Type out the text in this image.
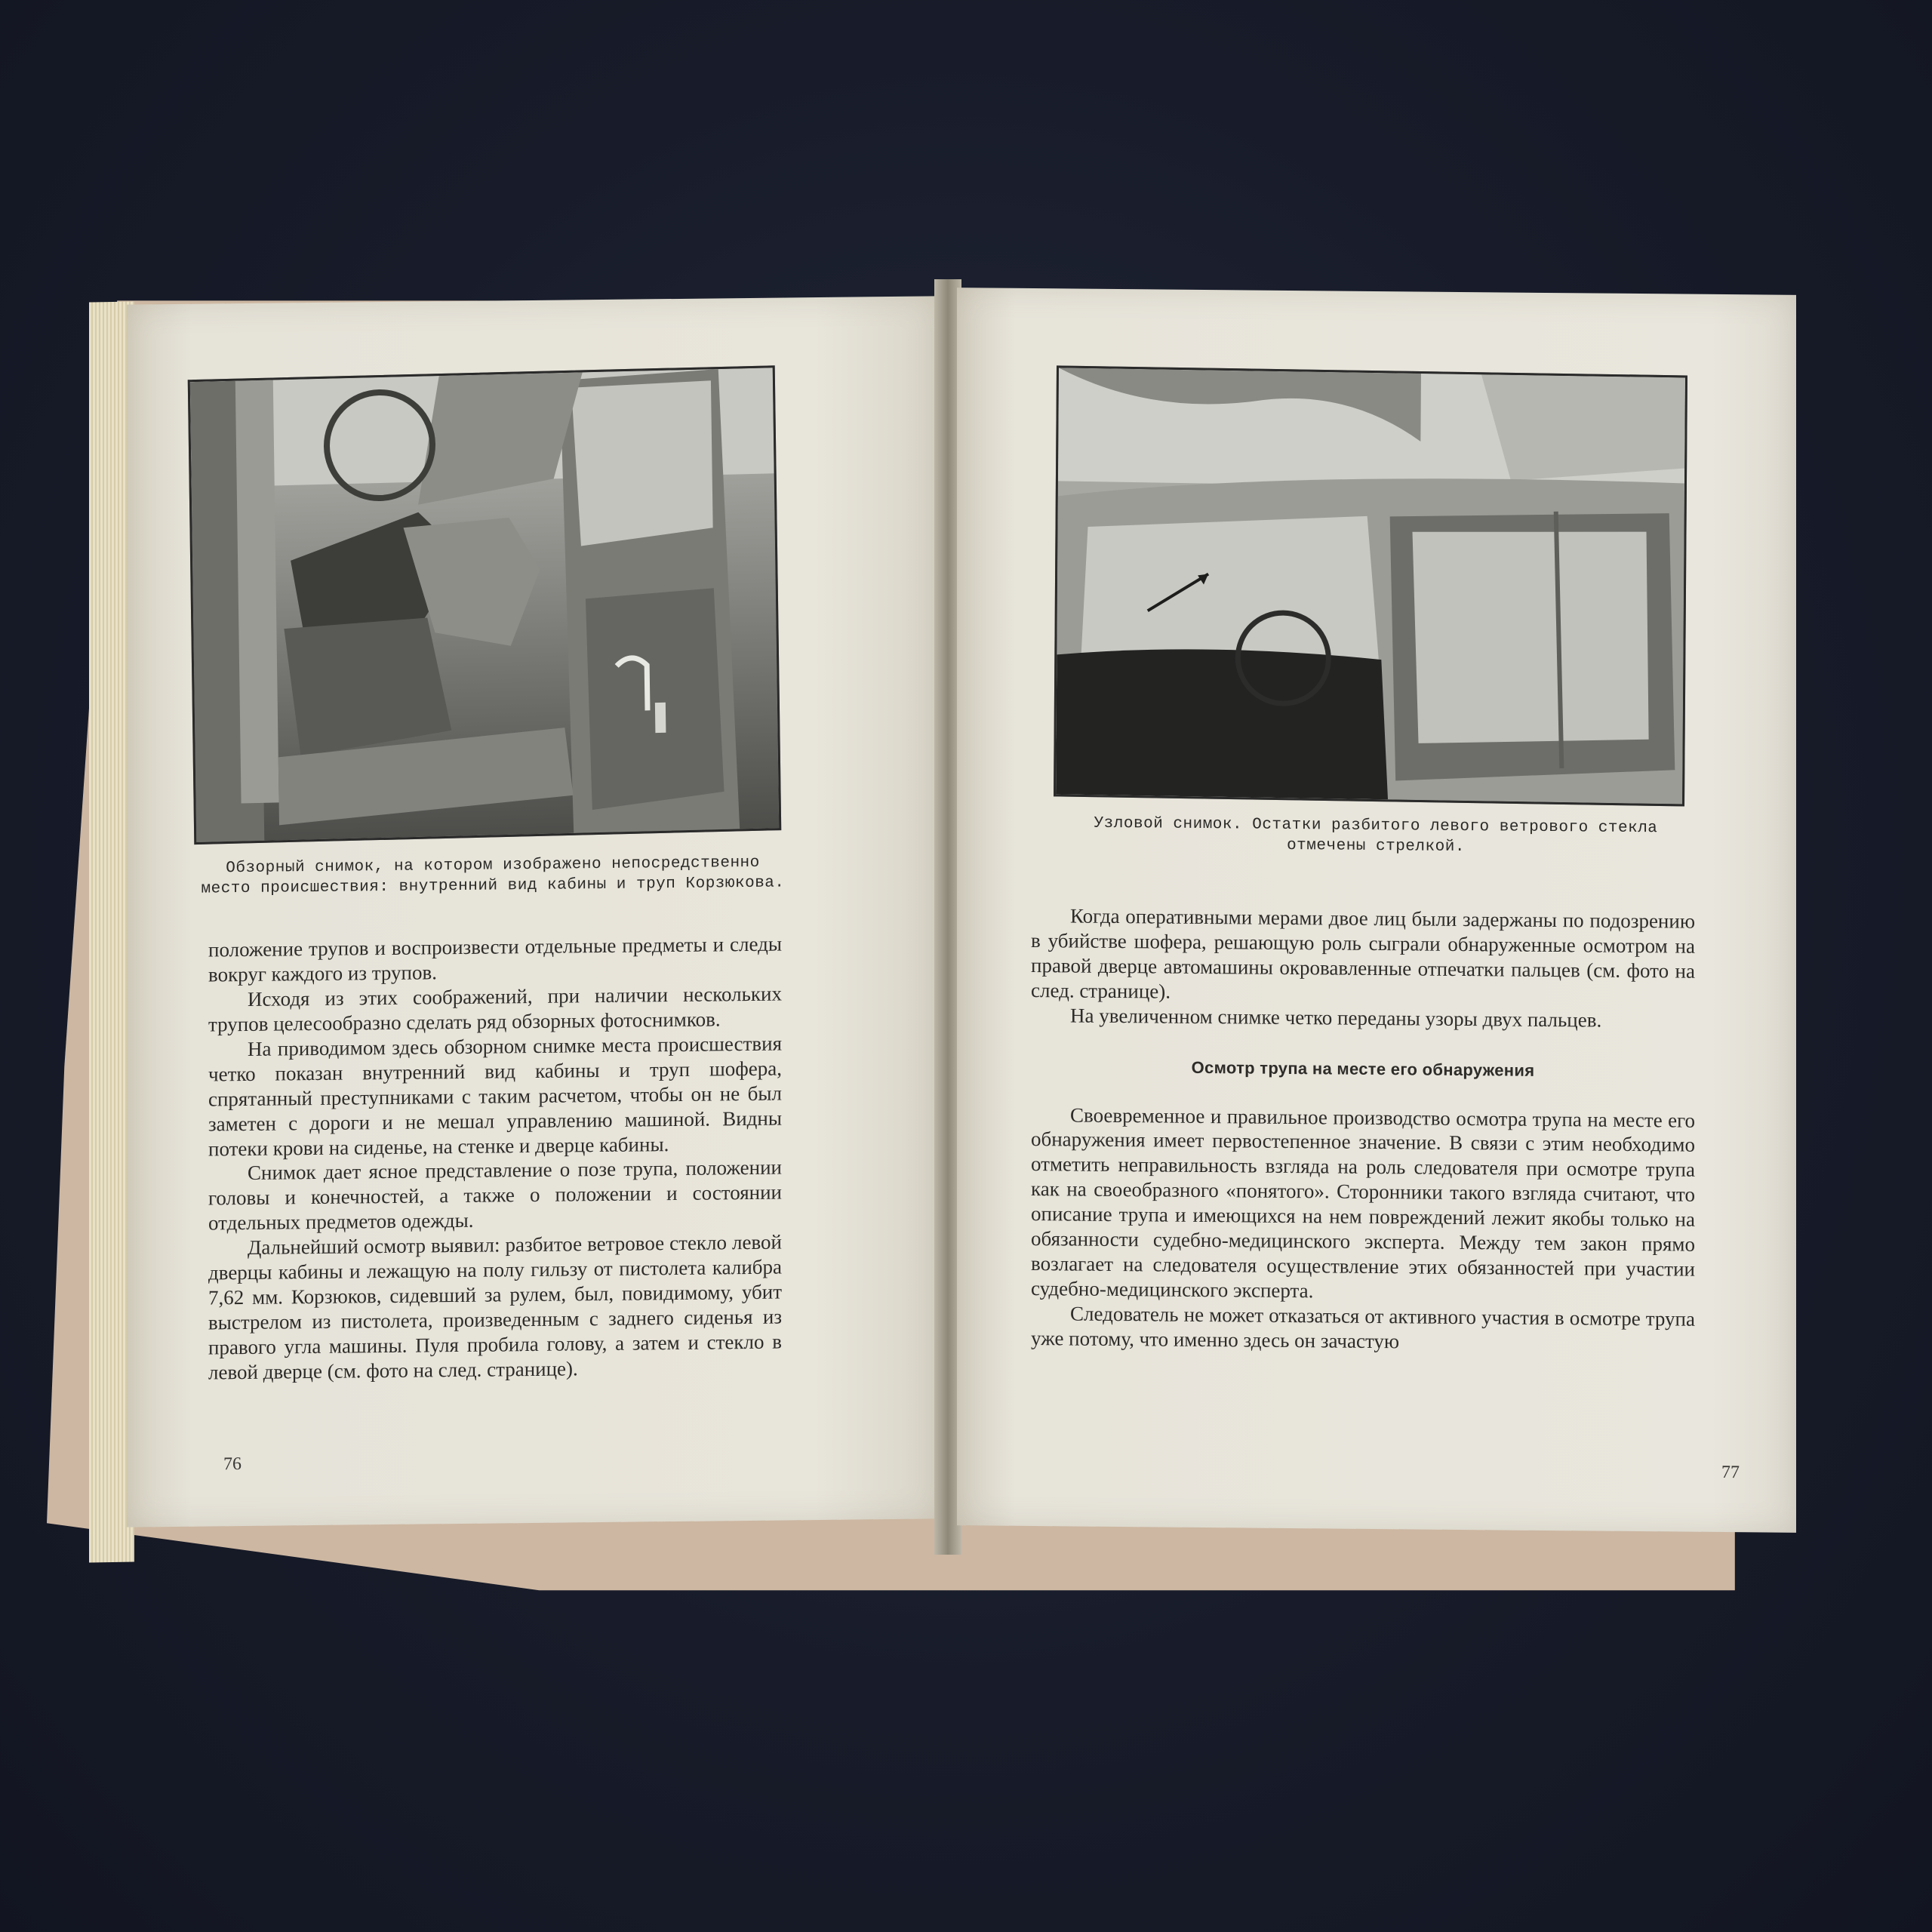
Обзорный снимок, на котором изображено непосредственно место происшествия: внутренний вид кабины и труп Корзюкова.

положение трупов и воспроизвести отдельные предметы и следы вокруг каждого из трупов.

Исходя из этих соображений, при наличии нескольких трупов целесообразно сделать ряд обзорных фотоснимков.

На приводимом здесь обзорном снимке места происшествия четко показан внутренний вид кабины и труп шофера, спрятанный преступниками с таким расчетом, чтобы он не был заметен с дороги и не мешал управлению машиной. Видны потеки крови на сиденье, на стенке и дверце кабины.

Снимок дает ясное представление о позе трупа, положении головы и конечностей, а также о положении и состоянии отдельных предметов одежды.

Дальнейший осмотр выявил: разбитое ветровое стекло левой дверцы кабины и лежащую на полу гильзу от пистолета калибра 7,62 мм. Корзюков, сидевший за рулем, был, повидимому, убит выстрелом из пистолета, произведенным с заднего сиденья из правого угла машины. Пуля пробила голову, а затем и стекло в левой дверце (см. фото на след. странице).

76
Узловой снимок. Остатки разбитого левого ветрового стекла отмечены стрелкой.

Когда оперативными мерами двое лиц были задержаны по подозрению в убийстве шофера, решающую роль сыграли обнаруженные осмотром на правой дверце автомашины окровавленные отпечатки пальцев (см. фото на след. странице).

На увеличенном снимке четко переданы узоры двух пальцев.

Осмотр трупа на месте его обнаружения

Своевременное и правильное производство осмотра трупа на месте его обнаружения имеет первостепенное значение. В связи с этим необходимо отметить неправильность взгляда на роль следователя при осмотре трупа как на своеобразного «понятого». Сторонники такого взгляда считают, что описание трупа и имеющихся на нем повреждений лежит якобы только на обязанности судебно-медицинского эксперта. Между тем закон прямо возлагает на следователя осуществление этих обязанностей при участии судебно-медицинского эксперта.

Следователь не может отказаться от активного участия в осмотре трупа уже потому, что именно здесь он зачастую

77
